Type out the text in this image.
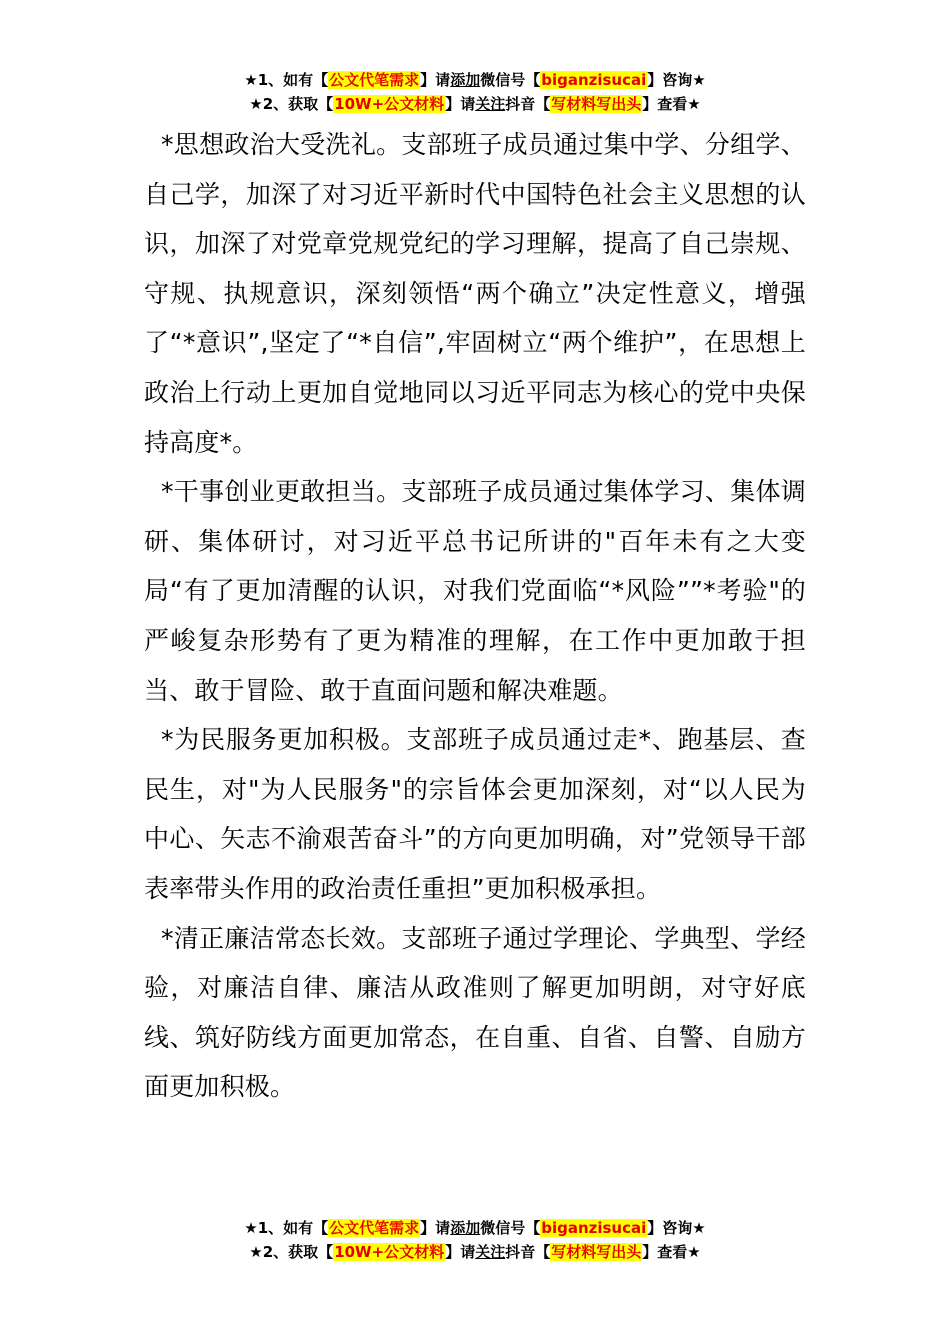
★1、如有【公文代笔需求】请添加微信号【biganzisucai】咨询★
★2、获取【10W+公文材料】请关注抖音【写材料写出头】查看★

*思想政治大受洗礼。支部班子成员通过集中学、分组学、自己学，加深了对习近平新时代中国特色社会主义思想的认识，加深了对党章党规党纪的学习理解，提高了自己崇规、守规、执规意识，深刻领悟“两个确立”决定性意义，增强了“*意识”,坚定了“*自信”,牢固树立“两个维护”，在思想上政治上行动上更加自觉地同以习近平同志为核心的党中央保持高度*。

*干事创业更敢担当。支部班子成员通过集体学习、集体调研、集体研讨，对习近平总书记所讲的"百年未有之大变局“有了更加清醒的认识，对我们党面临“*风险””*考验"的严峻复杂形势有了更为精准的理解，在工作中更加敢于担当、敢于冒险、敢于直面问题和解决难题。

*为民服务更加积极。支部班子成员通过走*、跑基层、查民生，对"为人民服务"的宗旨体会更加深刻，对“以人民为中心、矢志不渝艰苦奋斗”的方向更加明确，对”党领导干部表率带头作用的政治责任重担”更加积极承担。

*清正廉洁常态长效。支部班子通过学理论、学典型、学经验，对廉洁自律、廉洁从政准则了解更加明朗，对守好底线、筑好防线方面更加常态，在自重、自省、自警、自励方面更加积极。

★1、如有【公文代笔需求】请添加微信号【biganzisucai】咨询★
★2、获取【10W+公文材料】请关注抖音【写材料写出头】查看★
